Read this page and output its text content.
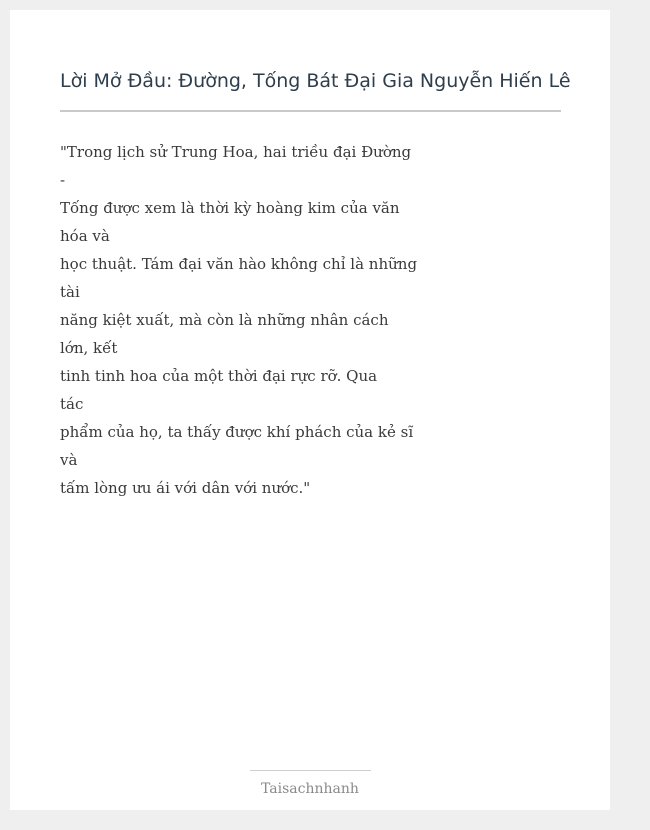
Lời Mở Đầu: Đường, Tống Bát Đại Gia Nguyễn Hiến Lê
"Trong lịch sử Trung Hoa, hai triều đại Đường
-
Tống được xem là thời kỳ hoàng kim của văn
hóa và
học thuật. Tám đại văn hào không chỉ là những
tài
năng kiệt xuất, mà còn là những nhân cách
lớn, kết
tinh tinh hoa của một thời đại rực rỡ. Qua
tác
phẩm của họ, ta thấy được khí phách của kẻ sĩ
và
tấm lòng ưu ái với dân với nước."
Taisachnhanh
